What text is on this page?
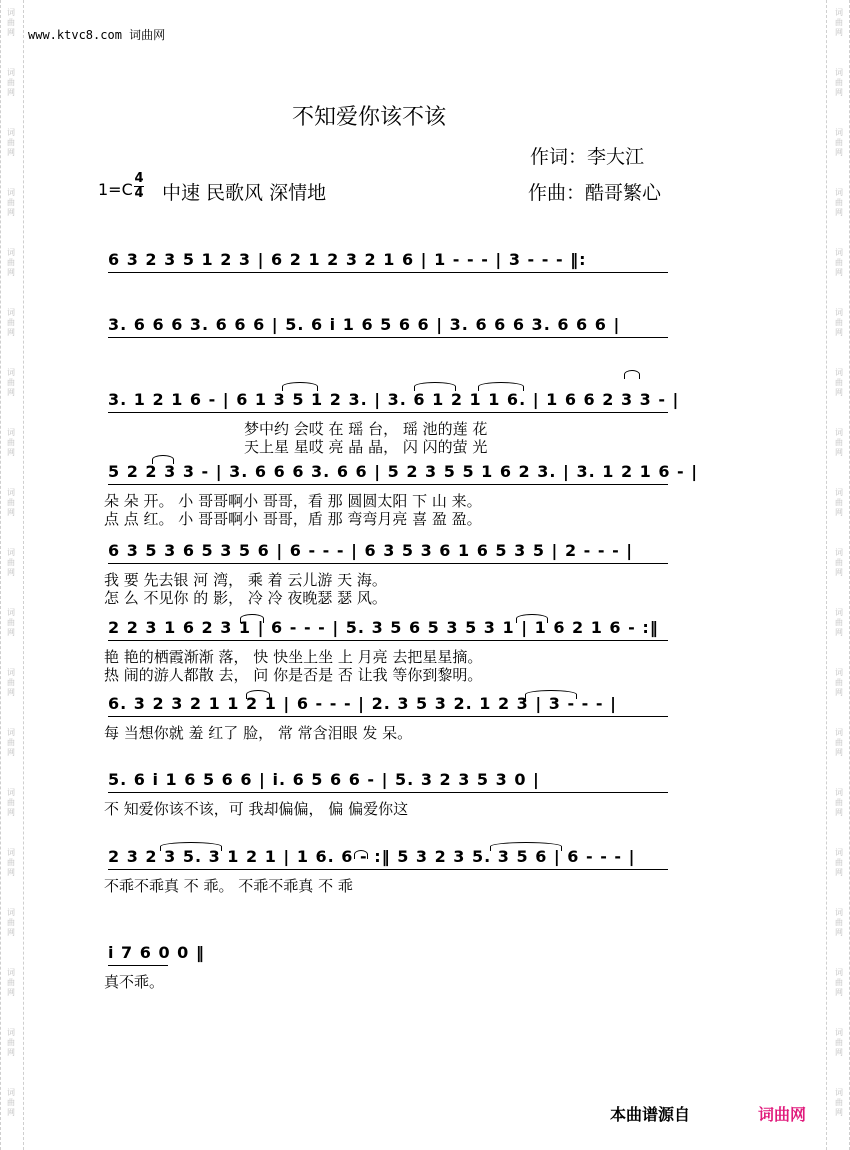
词
曲
网
词
曲
网
词
曲
网
词
曲
网
词
曲
网
词
曲
网
词
曲
网
词
曲
网
词
曲
网
词
曲
网
词
曲
网
词
曲
网
词
曲
网
词
曲
网
词
曲
网
词
曲
网
词
曲
网
词
曲
网
词
曲
网
词
曲
网
词
曲
网
词
曲
网
词
曲
网
词
曲
网
词
曲
网
词
曲
网
词
曲
网
词
曲
网
词
曲
网
词
曲
网
词
曲
网
词
曲
网
词
曲
网
词
曲
网
词
曲
网
词
曲
网
词
曲
网
词
曲
网
www.ktvc8.com 词曲网
不知爱你该不该
作词：李大江
作曲：酷哥繁心
1=C
4
4 中速 民歌风 深情地
6 3 2 3 5 1 2 3 | 6 2 1 2 3 2 1 6 | 1 - - - | 3 - - - ‖:
3. 6 6 6 3. 6 6 6 | 5. 6 i 1 6 5 6 6 | 3. 6 6 6 3. 6 6 6 |
3. 1 2 1 6 - | 6 1 3 5 1 2 3. | 3. 6 1 2 1 1 6. | 1 6 6 2 3 3 - |
梦中约 会哎 在 瑶 台， 瑶 池的莲 花
天上星 星哎 亮 晶 晶， 闪 闪的萤 光
5 2 2 3 3 - | 3. 6 6 6 3. 6 6 | 5 2 3 5 5 1 6 2 3. | 3. 1 2 1 6 - |
朵 朵 开。 小 哥哥啊小 哥哥，看 那 圆圆太阳 下 山 来。
点 点 红。 小 哥哥啊小 哥哥，盾 那 弯弯月亮 喜 盈 盈。
6 3 5 3 6 5 3 5 6 | 6 - - - | 6 3 5 3 6 1 6 5 3 5 | 2 - - - |
我 要 先去银 河 湾， 乘 着 云儿游 天 海。
怎 么 不见你 的 影， 冷 冷 夜晚瑟 瑟 风。
2 2 3 1 6 2 3 1 | 6 - - - | 5. 3 5 6 5 3 5 3 1 | 1 6 2 1 6 - :‖
艳 艳的栖霞渐渐 落， 快 快坐上坐 上 月亮 去把星星摘。
热 闹的游人都散 去， 问 你是否是 否 让我 等你到黎明。
6. 3 2 3 2 1 1 2 1 | 6 - - - | 2. 3 5 3 2. 1 2 3 | 3 - - - |
每 当想你就 羞 红了 脸， 常 常含泪眼 发 呆。
5. 6 i 1 6 5 6 6 | i. 6 5 6 6 - | 5. 3 2 3 5 3 0 |
不 知爱你该不该，可 我却偏偏， 偏 偏爱你这
2 3 2 3 5. 3 1 2 1 | 1 6. 6 - :‖ 5 3 2 3 5. 3 5 6 | 6 - - - |
不乖不乖真 不 乖。 不乖不乖真 不 乖
i 7 6 0 0 ‖
真不乖。
本曲谱源自	词曲网
